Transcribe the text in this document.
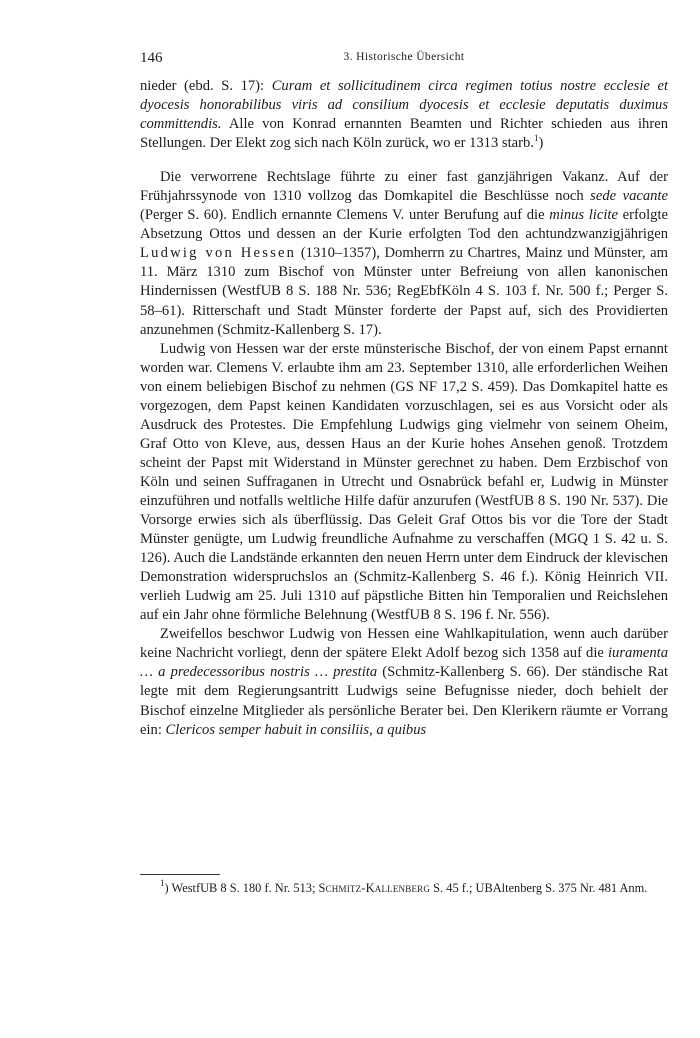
146	3. Historische Übersicht

nieder (ebd. S. 17): Curam et sollicitudinem circa regimen totius nostre ecclesie et dyocesis honorabilibus viris ad consilium dyocesis et ecclesie deputatis duximus committendis. Alle von Konrad ernannten Beamten und Richter schieden aus ihren Stellungen. Der Elekt zog sich nach Köln zurück, wo er 1313 starb.$^1$)

Die verworrene Rechtslage führte zu einer fast ganzjährigen Vakanz. Auf der Frühjahrssynode von 1310 vollzog das Domkapitel die Beschlüsse noch sede vacante (Perger S. 60). Endlich ernannte Clemens V. unter Berufung auf die minus licite erfolgte Absetzung Ottos und dessen an der Kurie erfolgten Tod den achtundzwanzigjährigen Ludwig von Hessen (1310–1357), Domherrn zu Chartres, Mainz und Münster, am 11. März 1310 zum Bischof von Münster unter Befreiung von allen kanonischen Hindernissen (WestfUB 8 S. 188 Nr. 536; RegEbfKöln 4 S. 103 f. Nr. 500 f.; Perger S. 58–61). Ritterschaft und Stadt Münster forderte der Papst auf, sich des Providierten anzunehmen (Schmitz-Kallenberg S. 17).

Ludwig von Hessen war der erste münsterische Bischof, der von einem Papst ernannt worden war. Clemens V. erlaubte ihm am 23. September 1310, alle erforderlichen Weihen von einem beliebigen Bischof zu nehmen (GS NF 17,2 S. 459). Das Domkapitel hatte es vorgezogen, dem Papst keinen Kandidaten vorzuschlagen, sei es aus Vorsicht oder als Ausdruck des Protestes. Die Empfehlung Ludwigs ging vielmehr von seinem Oheim, Graf Otto von Kleve, aus, dessen Haus an der Kurie hohes Ansehen genoß. Trotzdem scheint der Papst mit Widerstand in Münster gerechnet zu haben. Dem Erzbischof von Köln und seinen Suffraganen in Utrecht und Osnabrück befahl er, Ludwig in Münster einzuführen und notfalls weltliche Hilfe dafür anzurufen (WestfUB 8 S. 190 Nr. 537). Die Vorsorge erwies sich als überflüssig. Das Geleit Graf Ottos bis vor die Tore der Stadt Münster genügte, um Ludwig freundliche Aufnahme zu verschaffen (MGQ 1 S. 42 u. S. 126). Auch die Landstände erkannten den neuen Herrn unter dem Eindruck der klevischen Demonstration widerspruchslos an (Schmitz-Kallenberg S. 46 f.). König Heinrich VII. verlieh Ludwig am 25. Juli 1310 auf päpstliche Bitten hin Temporalien und Reichslehen auf ein Jahr ohne förmliche Belehnung (WestfUB 8 S. 196 f. Nr. 556).

Zweifellos beschwor Ludwig von Hessen eine Wahlkapitulation, wenn auch darüber keine Nachricht vorliegt, denn der spätere Elekt Adolf bezog sich 1358 auf die iuramenta … a predecessoribus nostris … prestita (Schmitz-Kallenberg S. 66). Der ständische Rat legte mit dem Regierungsantritt Ludwigs seine Befugnisse nieder, doch behielt der Bischof einzelne Mitglieder als persönliche Berater bei. Den Klerikern räumte er Vorrang ein: Clericos semper habuit in consiliis, a quibus

$^1$) WestfUB 8 S. 180 f. Nr. 513; Schmitz-Kallenberg S. 45 f.; UBAltenberg S. 375 Nr. 481 Anm.
